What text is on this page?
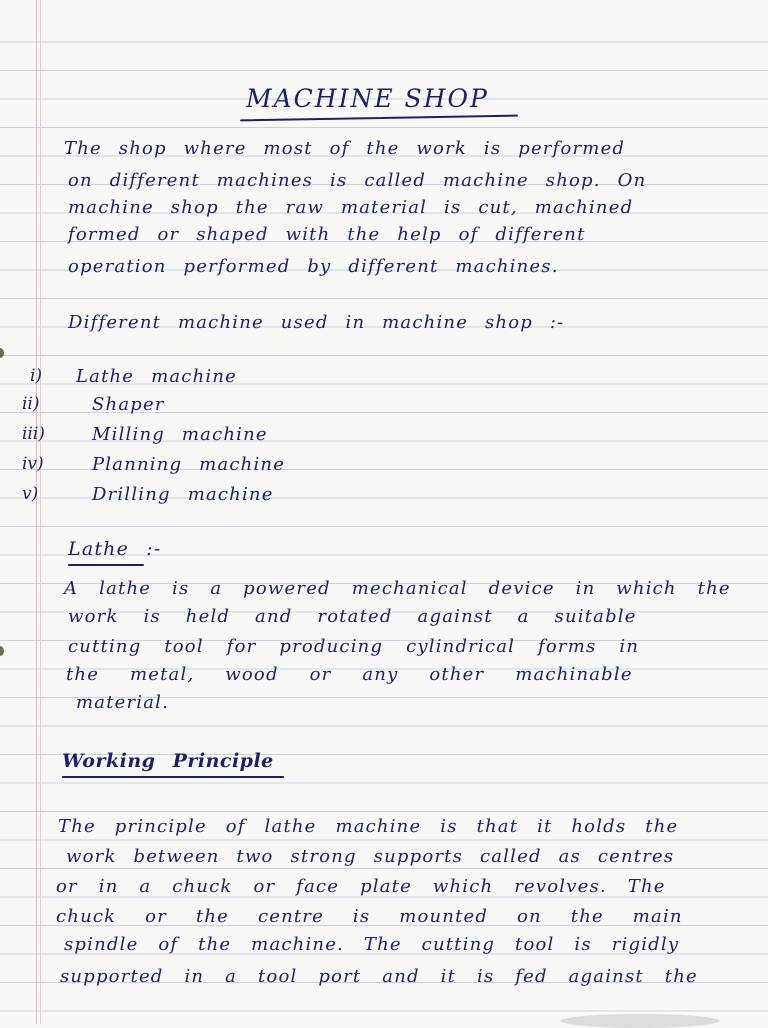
MACHINE SHOP
The shop where most of the work is performed
on different machines is called machine shop. On
machine shop the raw material is cut, machined
formed or shaped with the help of different
operation performed by different machines.
Different machine used in machine shop :-
i) Lathe machine
ii)	Shaper
iii)	Milling machine
iv)	Planning machine
v)	Drilling machine
Lathe :-
A lathe is a powered mechanical device in which the
work is held and rotated against a suitable
cutting tool for producing cylindrical forms in
the metal, wood or any other machinable
material.
Working Principle
The principle of lathe machine is that it holds the
work between two strong supports called as centres
or in a chuck or face plate which revolves. The
chuck or the centre is mounted on the main
spindle of the machine. The cutting tool is rigidly
supported in a tool port and it is fed against the
